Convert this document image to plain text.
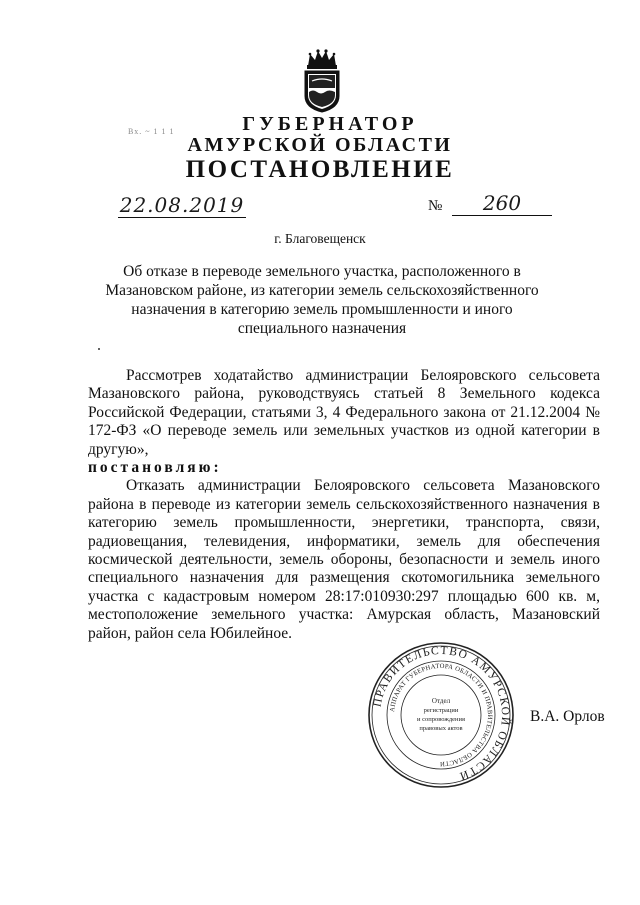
Вх. ~ 1 1 1	ГУБЕРНАТОР
АМУРСКОЙ ОБЛАСТИ
ПОСТАНОВЛЕНИЕ
22.08.2019	№	260
г. Благовещенск
Об отказе в переводе земельного участка, расположенного в Мазановском районе, из категории земель сельскохозяйственного назначения в категорию земель промышленности и иного специального назначения

Рассмотрев ходатайство администрации Белояровского сельсовета Мазановского района, руководствуясь статьей 8 Земельного кодекса Российской Федерации, статьями 3, 4 Федерального закона от 21.12.2004 № 172-ФЗ «О переводе земель или земельных участков из одной категории в другую»,

постановляю:

Отказать администрации Белояровского сельсовета Мазановского района в переводе из категории земель сельскохозяйственного назначения в категорию земель промышленности, энергетики, транспорта, связи, радиовещания, телевидения, информатики, земель для обеспечения космической деятельности, земель обороны, безопасности и земель иного специального назначения для размещения скотомогильника земельного участка с кадастровым номером 28:17:010930:297 площадью 600 кв. м, местоположение земельного участка: Амурская область, Мазановский район, район села Юбилейное.

ПРАВИТЕЛЬСТВО АМУРСКОЙ ОБЛАСТИ
АППАРАТ ГУБЕРНАТОРА ОБЛАСТИ И ПРАВИТЕЛЬСТВА ОБЛАСТИ
Отдел
регистрации
и сопровождения
правовых актов
В.А. Орлов
